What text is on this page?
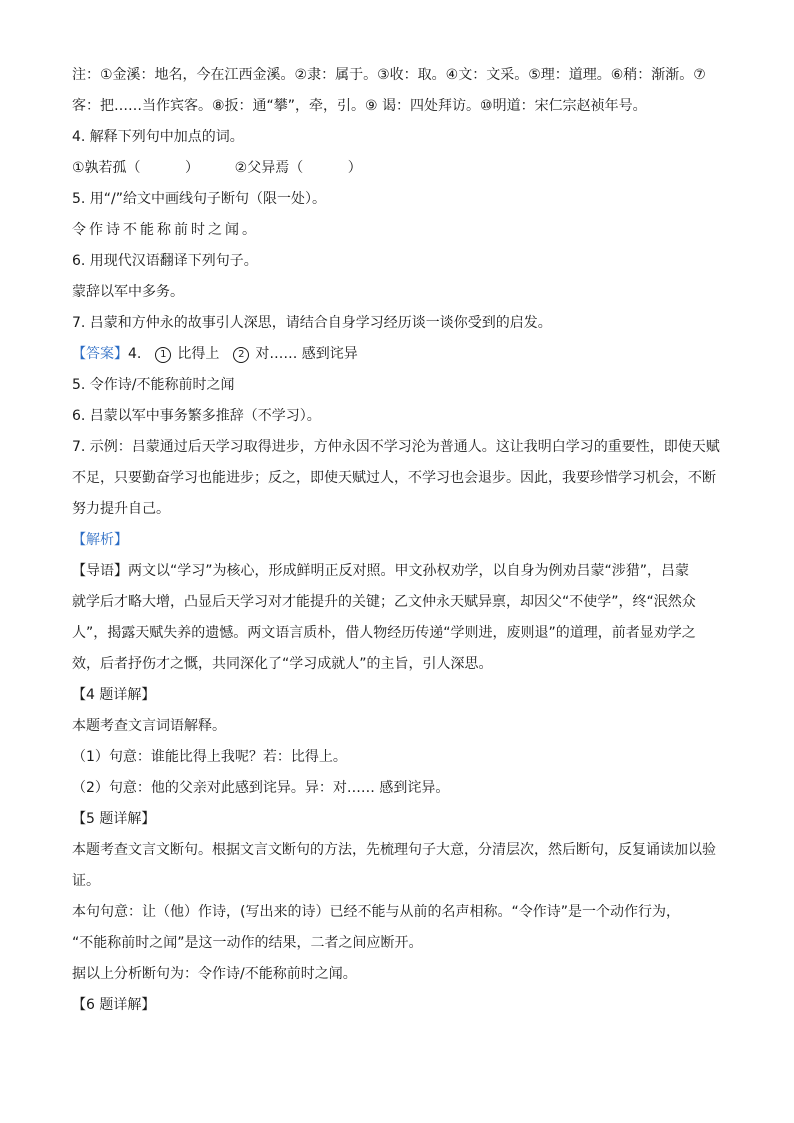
注：①金溪：地名，今在江西金溪。②隶：属于。③收：取。④文：文采。⑤理：道理。⑥稍：渐渐。⑦
客：把……当作宾客。⑧扳：通“攀”，牵，引。⑨ 谒：四处拜访。⑩明道：宋仁宗赵祯年号。
4. 解释下列句中加点的词。
①孰若孤（          ）        ②父异焉（          ）
5. 用“/”给文中画线句子断句（限一处）。
令作诗不能称前时之闻。
6. 用现代汉语翻译下列句子。
蒙辞以军中多务。
7. 吕蒙和方仲永的故事引人深思，请结合自身学习经历谈一谈你受到的启发。
【答案】4. 1 比得上 2 对…… 感到诧异
5. 令作诗/不能称前时之闻
6. 吕蒙以军中事务繁多推辞（不学习）。
7. 示例：吕蒙通过后天学习取得进步，方仲永因不学习沦为普通人。这让我明白学习的重要性，即使天赋
不足，只要勤奋学习也能进步；反之，即使天赋过人，不学习也会退步。因此，我要珍惜学习机会，不断
努力提升自己。
【解析】
【导语】两文以“学习”为核心，形成鲜明正反对照。甲文孙权劝学，以自身为例劝吕蒙“涉猎”，吕蒙
就学后才略大增，凸显后天学习对才能提升的关键；乙文仲永天赋异禀，却因父“不使学”，终“泯然众
人”，揭露天赋失养的遗憾。两文语言质朴，借人物经历传递“学则进，废则退”的道理，前者显劝学之
效，后者抒伤才之慨，共同深化了“学习成就人”的主旨，引人深思。
【4 题详解】
本题考查文言词语解释。
（1）句意：谁能比得上我呢？若：比得上。
（2）句意：他的父亲对此感到诧异。异：对…… 感到诧异。
【5 题详解】
本题考查文言文断句。根据文言文断句的方法，先梳理句子大意，分清层次，然后断句，反复诵读加以验
证。
本句句意：让（他）作诗，(写出来的诗）已经不能与从前的名声相称。“令作诗”是一个动作行为，
“不能称前时之闻”是这一动作的结果，二者之间应断开。
据以上分析断句为：令作诗/不能称前时之闻。
【6 题详解】
